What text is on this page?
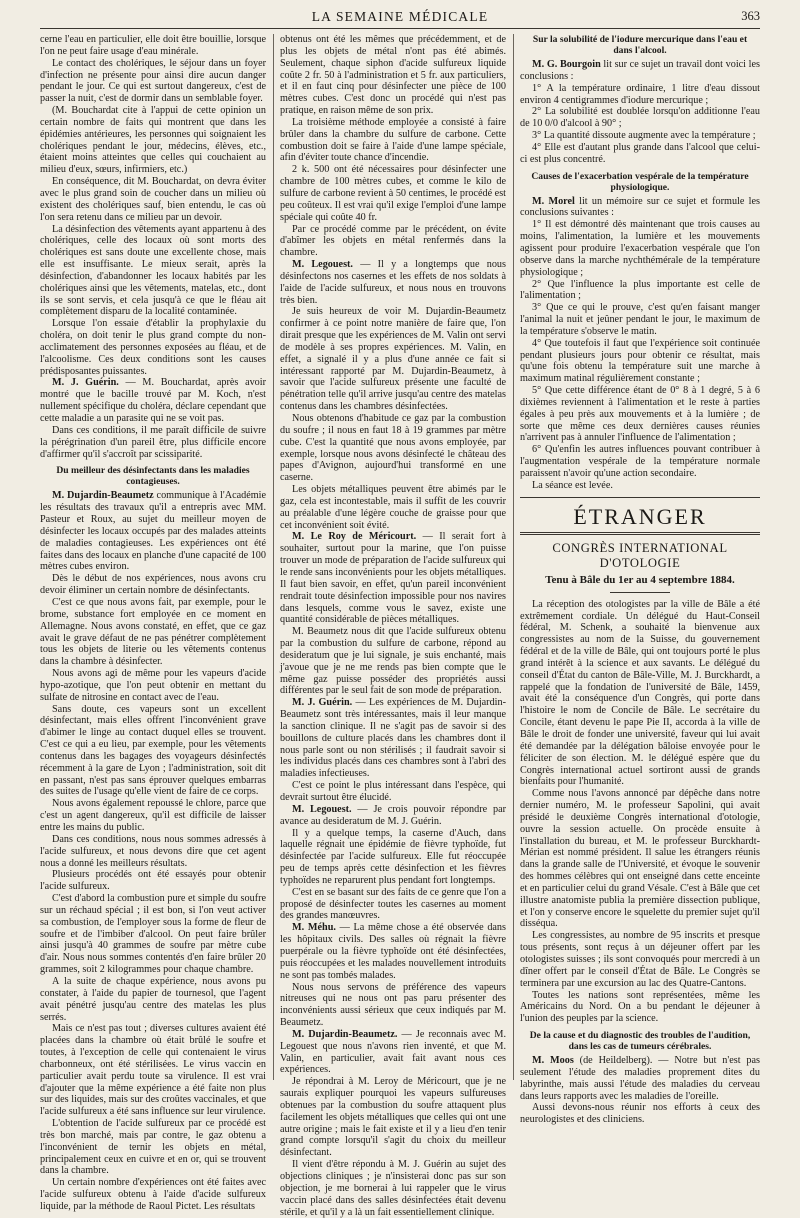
LA SEMAINE MÉDICALE	363

cerne l'eau en particulier, elle doit être bouillie, lorsque l'on ne peut faire usage d'eau minérale.

Le contact des cholériques, le séjour dans un foyer d'infection ne présente pour ainsi dire aucun danger pendant le jour. Ce qui est surtout dangereux, c'est de passer la nuit, c'est de dormir dans un semblable foyer.

(M. Bouchardat cite à l'appui de cette opinion un certain nombre de faits qui montrent que dans les épidémies antérieures, les personnes qui soignaient les cholériques pendant le jour, médecins, élèves, etc., étaient moins atteintes que celles qui couchaient au milieu d'eux, sœurs, infirmiers, etc.)

En conséquence, dit M. Bouchardat, on devra éviter avec le plus grand soin de coucher dans un milieu où existent des cholériques sauf, bien entendu, le cas où l'on sera retenu dans ce milieu par un devoir.

La désinfection des vêtements ayant appartenu à des cholériques, celle des locaux où sont morts des cholériques est sans doute une excellente chose, mais elle est insuffisante. Le mieux serait, après la désinfection, d'abandonner les locaux habités par les cholériques ainsi que les vêtements, matelas, etc., dont ils se sont servis, et cela jusqu'à ce que le fléau ait complètement disparu de la localité contaminée.

Lorsque l'on essaie d'établir la prophylaxie du choléra, on doit tenir le plus grand compte du non-acclimatement des personnes exposées au fléau, et de l'alcoolisme. Ces deux conditions sont les causes prédisposantes puissantes.

M. J. Guérin. — M. Bouchardat, après avoir montré que le bacille trouvé par M. Koch, n'est nullement spécifique du choléra, déclare cependant que cette maladie a un parasite qui ne se voit pas.

Dans ces conditions, il me paraît difficile de suivre la pérégrination d'un pareil être, plus difficile encore d'affirmer qu'il s'accroît par scissiparité.

Du meilleur des désinfectants dans les maladies contagieuses.

M. Dujardin-Beaumetz communique à l'Académie les résultats des travaux qu'il a entrepris avec MM. Pasteur et Roux, au sujet du meilleur moyen de désinfecter les locaux occupés par des malades atteints de maladies contagieuses. Les expériences ont été faites dans des locaux en planche d'une capacité de 100 mètres cubes environ.

Dès le début de nos expériences, nous avons cru devoir éliminer un certain nombre de désinfectants.

C'est ce que nous avons fait, par exemple, pour le brome, substance fort employée en ce moment en Allemagne. Nous avons constaté, en effet, que ce gaz avait le grave défaut de ne pas pénétrer complètement tous les objets de literie ou les vêtements contenus dans la chambre à désinfecter.

Nous avons agi de même pour les vapeurs d'acide hypo-azotique, que l'on peut obtenir en mettant du sulfate de nitrosine en contact avec de l'eau.

Sans doute, ces vapeurs sont un excellent désinfectant, mais elles offrent l'inconvénient grave d'abimer le linge au contact duquel elles se trouvent. C'est ce qui a eu lieu, par exemple, pour les vêtements contenus dans les bagages des voyageurs désinfectés récemment à la gare de Lyon ; l'administration, soit dit en passant, n'est pas sans éprouver quelques embarras des suites de l'usage qu'elle vient de faire de ce corps.

Nous avons également repoussé le chlore, parce que c'est un agent dangereux, qu'il est difficile de laisser entre les mains du public.

Dans ces conditions, nous nous sommes adressés à l'acide sulfureux, et nous devons dire que cet agent nous a donné les meilleurs résultats.

Plusieurs procédés ont été essayés pour obtenir l'acide sulfureux.

C'est d'abord la combustion pure et simple du soufre sur un réchaud spécial ; il est bon, si l'on veut activer sa combustion, de l'employer sous la forme de fleur de soufre et de l'imbiber d'alcool. On peut faire brûler ainsi jusqu'à 40 grammes de soufre par mètre cube d'air. Nous nous sommes contentés d'en faire brûler 20 grammes, soit 2 kilogrammes pour chaque chambre.

A la suite de chaque expérience, nous avons pu constater, à l'aide du papier de tournesol, que l'agent avait pénétré jusqu'au centre des matelas les plus serrés.

Mais ce n'est pas tout ; diverses cultures avaient été placées dans la chambre où était brûlé le soufre et toutes, à l'exception de celle qui contenaient le virus charbonneux, ont été stérilisées. Le virus vaccin en particulier avait perdu toute sa virulence. Il est vrai d'ajouter que la même expérience a été faite non plus sur des liquides, mais sur des croûtes vaccinales, et que l'acide sulfureux a été sans influence sur leur virulence.

L'obtention de l'acide sulfureux par ce procédé est très bon marché, mais par contre, le gaz obtenu a l'inconvénient de ternir les objets en métal, principalement ceux en cuivre et en or, qui se trouvent dans la chambre.

Un certain nombre d'expériences ont été faites avec l'acide sulfureux obtenu à l'aide d'acide sulfureux liquide, par la méthode de Raoul Pictet. Les résultats

obtenus ont été les mêmes que précédemment, et de plus les objets de métal n'ont pas été abimés. Seulement, chaque siphon d'acide sulfureux liquide coûte 2 fr. 50 à l'administration et 5 fr. aux particuliers, et il en faut cinq pour désinfecter une pièce de 100 mètres cubes. C'est donc un procédé qui n'est pas pratique, en raison même de son prix.

La troisième méthode employée a consisté à faire brûler dans la chambre du sulfure de carbone. Cette combustion doit se faire à l'aide d'une lampe spéciale, afin d'éviter toute chance d'incendie.

2 k. 500 ont été nécessaires pour désinfecter une chambre de 100 mètres cubes, et comme le kilo de sulfure de carbone revient à 50 centimes, le procédé est peu coûteux. Il est vrai qu'il exige l'emploi d'une lampe spéciale qui coûte 40 fr.

Par ce procédé comme par le précédent, on évite d'abîmer les objets en métal renfermés dans la chambre.

M. Legouest. — Il y a longtemps que nous désinfectons nos casernes et les effets de nos soldats à l'aide de l'acide sulfureux, et nous nous en trouvons très bien.

Je suis heureux de voir M. Dujardin-Beaumetz confirmer à ce point notre manière de faire que, l'on dirait presque que les expériences de M. Valin ont servi de modèle à ses propres expériences. M. Valin, en effet, a signalé il y a plus d'une année ce fait si intéressant rapporté par M. Dujardin-Beaumetz, à savoir que l'acide sulfureux présente une faculté de pénétration telle qu'il arrive jusqu'au centre des matelas contenus dans les chambres désinfectées.

Nous obtenons d'habitude ce gaz par la combustion du soufre ; il nous en faut 18 à 19 grammes par mètre cube. C'est la quantité que nous avons employée, par exemple, lorsque nous avons désinfecté le château des papes d'Avignon, aujourd'hui transformé en une caserne.

Les objets métalliques peuvent être abimés par le gaz, cela est incontestable, mais il suffit de les couvrir au préalable d'une légère couche de graisse pour que cet inconvénient soit évité.

M. Le Roy de Méricourt. — Il serait fort à souhaiter, surtout pour la marine, que l'on puisse trouver un mode de préparation de l'acide sulfureux qui le rende sans inconvénients pour les objets métalliques. Il faut bien savoir, en effet, qu'un pareil inconvénient rendrait toute désinfection impossible pour nos navires dans lesquels, comme vous le savez, existe une quantité considérable de pièces métalliques.

M. Beaumetz nous dit que l'acide sulfureux obtenu par la combustion du sulfure de carbone, répond au desideratum que je lui signale, je suis enchanté, mais j'avoue que je ne me rends pas bien compte que le même gaz puisse posséder des propriétés aussi différentes par le seul fait de son mode de préparation.

M. J. Guérin. — Les expériences de M. Dujardin-Beaumetz sont très intéressantes, mais il leur manque la sanction clinique. Il ne s'agit pas de savoir si des bouillons de culture placés dans les chambres dont il nous parle sont ou non stérilisés ; il faudrait savoir si les individus placés dans ces chambres sont à l'abri des maladies infectieuses.

C'est ce point le plus intéressant dans l'espèce, qui devrait surtout être élucidé.

M. Legouest. — Je crois pouvoir répondre par avance au desideratum de M. J. Guérin.

Il y a quelque temps, la caserne d'Auch, dans laquelle régnait une épidémie de fièvre typhoïde, fut désinfectée par l'acide sulfureux. Elle fut réoccupée peu de temps après cette désinfection et les fièvres typhoïdes ne reparurent plus pendant fort longtemps.

C'est en se basant sur des faits de ce genre que l'on a proposé de désinfecter toutes les casernes au moment des grandes manœuvres.

M. Méhu. — La même chose a été observée dans les hôpitaux civils. Des salles où régnait la fièvre puerpérale ou la fièvre typhoïde ont été désinfectées, puis réoccupées et les malades nouvellement introduits ne sont pas tombés malades.

Nous nous servons de préférence des vapeurs nitreuses qui ne nous ont pas paru présenter des inconvénients aussi sérieux que ceux indiqués par M. Beaumetz.

M. Dujardin-Beaumetz. — Je reconnais avec M. Legouest que nous n'avons rien inventé, et que M. Valin, en particulier, avait fait avant nous ces expériences.

Je répondrai à M. Leroy de Méricourt, que je ne saurais expliquer pourquoi les vapeurs sulfureuses obtenues par la combustion du soufre attaquent plus facilement les objets métalliques que celles qui ont une autre origine ; mais le fait existe et il y a lieu d'en tenir grand compte lorsqu'il s'agit du choix du meilleur désinfectant.

Il vient d'être répondu à M. J. Guérin au sujet des objections cliniques ; je n'insisterai donc pas sur son objection, je me bornerai à lui rappeler que le virus vaccin placé dans des salles désinfectées était devenu stérile, et qu'il y a là un fait essentiellement clinique.

Sur la solubilité de l'iodure mercurique dans l'eau et dans l'alcool.

M. G. Bourgoin lit sur ce sujet un travail dont voici les conclusions :

1° A la température ordinaire, 1 litre d'eau dissout environ 4 centigrammes d'iodure mercurique ;

2° La solubilité est doublée lorsqu'on additionne l'eau de 10 0/0 d'alcool à 90° ;

3° La quantité dissoute augmente avec la température ;

4° Elle est d'autant plus grande dans l'alcool que celui-ci est plus concentré.

Causes de l'exacerbation vespérale de la température physiologique.

M. Morel lit un mémoire sur ce sujet et formule les conclusions suivantes :

1° Il est démontré dès maintenant que trois causes au moins, l'alimentation, la lumière et les mouvements agissent pour produire l'exacerbation vespérale que l'on observe dans la marche nychthémérale de la température physiologique ;

2° Que l'influence la plus importante est celle de l'alimentation ;

3° Que ce qui le prouve, c'est qu'en faisant manger l'animal la nuit et jeûner pendant le jour, le maximum de la température s'observe le matin.

4° Que toutefois il faut que l'expérience soit continuée pendant plusieurs jours pour obtenir ce résultat, mais qu'une fois obtenu la température suit une marche à maximum matinal régulièrement constante ;

5° Que cette différence étant de 0° 8 à 1 degré, 5 à 6 dixièmes reviennent à l'alimentation et le reste à parties égales à peu près aux mouvements et à la lumière ; de sorte que même ces deux dernières causes réunies n'arrivent pas à annuler l'influence de l'alimentation ;

6° Qu'enfin les autres influences pouvant contribuer à l'augmentation vespérale de la température normale paraissent n'avoir qu'une action secondaire.

La séance est levée.

ÉTRANGER
CONGRÈS INTERNATIONAL D'OTOLOGIE
Tenu à Bâle du 1er au 4 septembre 1884.

La réception des otologistes par la ville de Bâle a été extrêmement cordiale. Un délégué du Haut-Conseil fédéral, M. Schenk, a souhaité la bienvenue aux congressistes au nom de la Suisse, du gouvernement fédéral et de la ville de Bâle, qui ont toujours porté le plus grand intérêt à la science et aux savants. Le délégué du conseil d'État du canton de Bâle-Ville, M. J. Burckhardt, a rappelé que la fondation de l'université de Bâle, 1459, avait été la conséquence d'un Congrès, qui porte dans l'histoire le nom de Concile de Bâle. Le secrétaire du Concile, étant devenu le pape Pie II, accorda à la ville de Bâle le droit de fonder une université, faveur qui lui avait été demandée par la délégation bâloise envoyée pour le féliciter de son élection. M. le délégué espère que du Congrès international actuel sortiront aussi de grands bienfaits pour l'humanité.

Comme nous l'avons annoncé par dépêche dans notre dernier numéro, M. le professeur Sapolini, qui avait présidé le deuxième Congrès international d'otologie, ouvre la session actuelle. On procède ensuite à l'installation du bureau, et M. le professeur Burckhardt-Mérian est nommé président. Il salue les étrangers réunis dans la grande salle de l'Université, et évoque le souvenir des hommes célèbres qui ont enseigné dans cette enceinte et en particulier celui du grand Vésale. C'est à Bâle que cet illustre anatomiste publia la première dissection publique, et l'on y conserve encore le squelette du premier sujet qu'il disséqua.

Les congressistes, au nombre de 95 inscrits et presque tous présents, sont reçus à un déjeuner offert par les otologistes suisses ; ils sont convoqués pour mercredi à un dîner offert par le conseil d'État de Bâle. Le Congrès se terminera par une excursion au lac des Quatre-Cantons.

Toutes les nations sont représentées, même les Américains du Nord. On a bu pendant le déjeuner à l'union des peuples par la science.

De la cause et du diagnostic des troubles de l'audition, dans les cas de tumeurs cérébrales.

M. Moos (de Heildelberg). — Notre but n'est pas seulement l'étude des maladies proprement dites du labyrinthe, mais aussi l'étude des maladies du cerveau dans leurs rapports avec les maladies de l'oreille.

Aussi devons-nous réunir nos efforts à ceux des neurologistes et des cliniciens.
